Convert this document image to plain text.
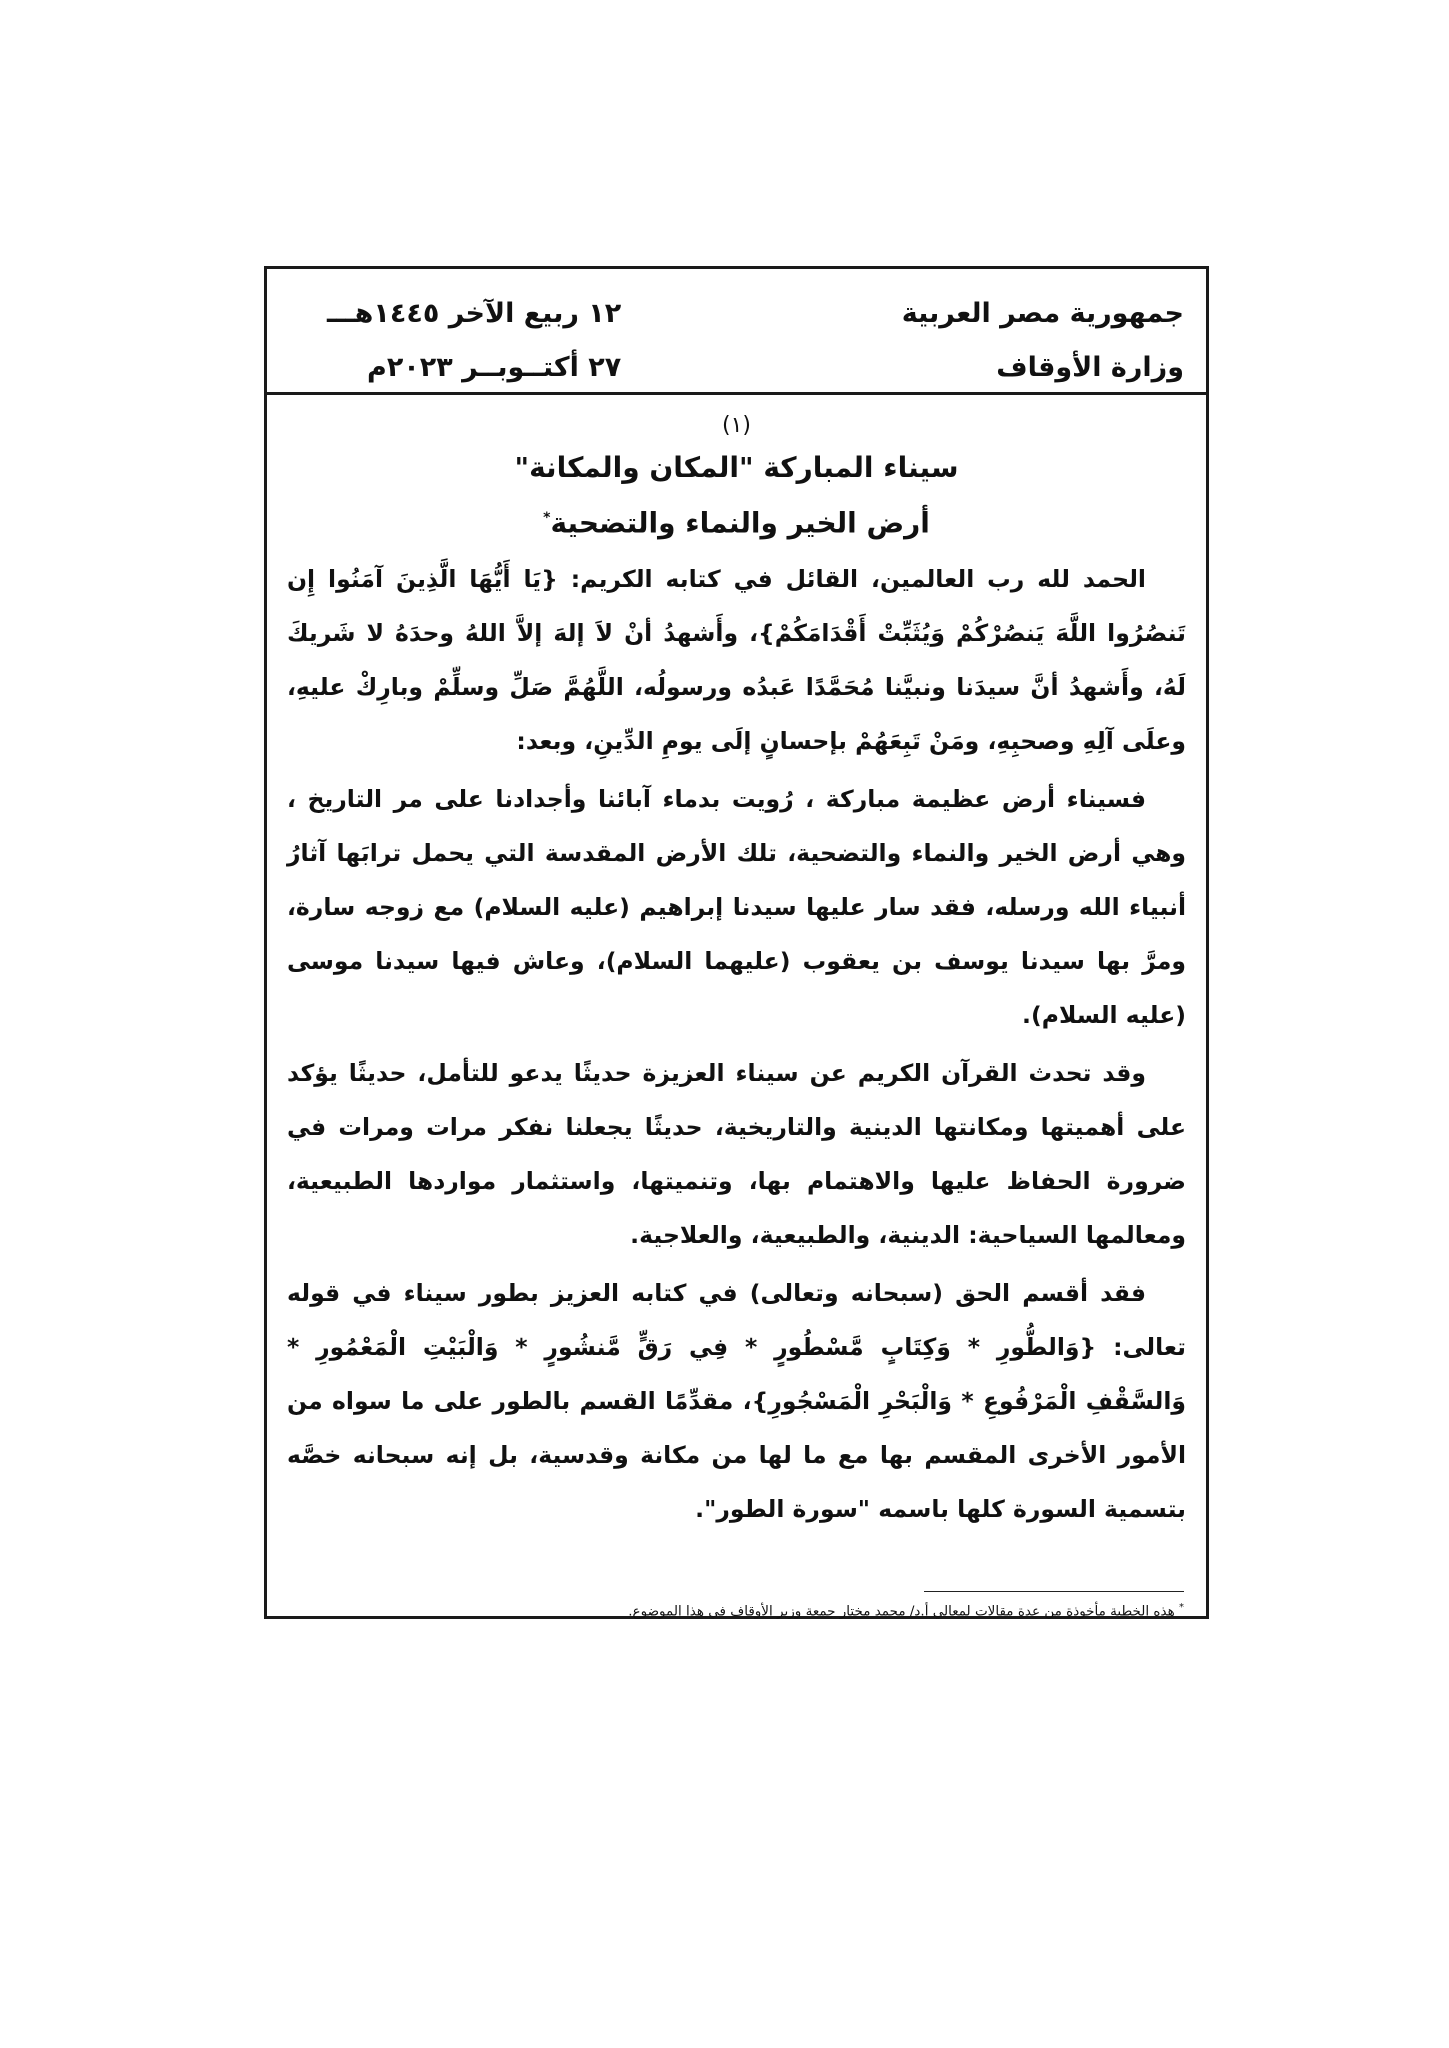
جمهورية مصر العربية
وزارة الأوقاف
١٢ ربيع الآخر ١٤٤٥هـــ
٢٧ أكتــوبــر ٢٠٢٣م
(١)
سيناء المباركة "المكان والمكانة"
أرض الخير والنماء والتضحية*

الحمد لله رب العالمين، القائل في كتابه الكريم: {يَا أَيُّهَا الَّذِينَ آمَنُوا إِن تَنصُرُوا اللَّهَ يَنصُرْكُمْ وَيُثَبِّتْ أَقْدَامَكُمْ}، وأَشهدُ أنْ لاَ إلهَ إلاَّ اللهُ وحدَهُ لا شَريكَ لَهُ، وأَشهدُ أنَّ سيدَنا ونبيَّنا مُحَمَّدًا عَبدُه ورسولُه، اللَّهُمَّ صَلِّ وسلِّمْ وبارِكْ عليهِ، وعلَى آلِهِ وصحبِهِ، ومَنْ تَبِعَهُمْ بإحسانٍ إلَى يومِ الدِّينِ، وبعد:

فسيناء أرض عظيمة مباركة ، رُويت بدماء آبائنا وأجدادنا على مر التاريخ ، وهي أرض الخير والنماء والتضحية، تلك الأرض المقدسة التي يحمل ترابَها آثارُ أنبياء الله ورسله، فقد سار عليها سيدنا إبراهيم (عليه السلام) مع زوجه سارة، ومرَّ بها سيدنا يوسف بن يعقوب (عليهما السلام)، وعاش فيها سيدنا موسى (عليه السلام).

وقد تحدث القرآن الكريم عن سيناء العزيزة حديثًا يدعو للتأمل، حديثًا يؤكد على أهميتها ومكانتها الدينية والتاريخية، حديثًا يجعلنا نفكر مرات ومرات في ضرورة الحفاظ عليها والاهتمام بها، وتنميتها، واستثمار مواردها الطبيعية، ومعالمها السياحية: الدينية، والطبيعية، والعلاجية.

فقد أقسم الحق (سبحانه وتعالى) في كتابه العزيز بطور سيناء في قوله تعالى: {وَالطُّورِ * وَكِتَابٍ مَّسْطُورٍ * فِي رَقٍّ مَّنشُورٍ * وَالْبَيْتِ الْمَعْمُورِ * وَالسَّقْفِ الْمَرْفُوعِ * وَالْبَحْرِ الْمَسْجُورِ}، مقدِّمًا القسم بالطور على ما سواه من الأمور الأخرى المقسم بها مع ما لها من مكانة وقدسية، بل إنه سبحانه خصَّه بتسمية السورة كلها باسمه "سورة الطور".

* هذه الخطبة مأخوذة من عدة مقالات لمعالي أ.د/ محمد مختار جمعة وزير الأوقاف في هذا الموضوع.
